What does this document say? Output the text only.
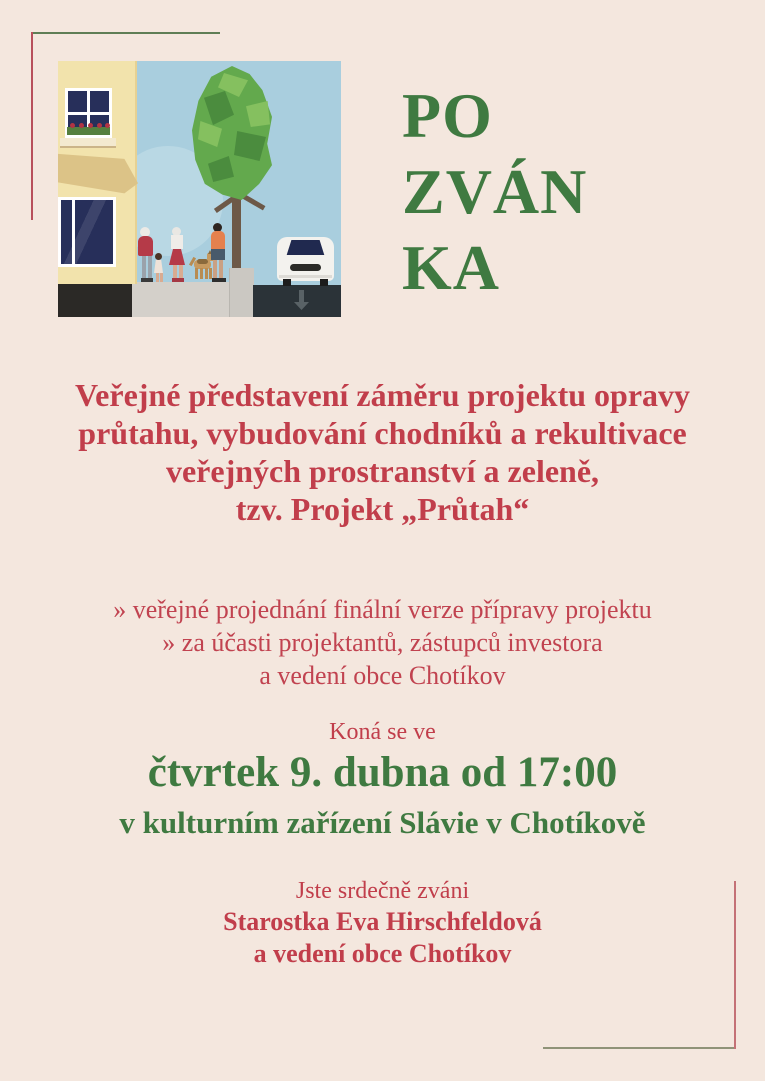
PO
ZVÁN
KA
Veřejné představení záměru projektu opravy
průtahu, vybudování chodníků a rekultivace
veřejných prostranství a zeleně,
tzv. Projekt „Průtah“
» veřejné projednání finální verze přípravy projektu
» za účasti projektantů, zástupců investora
a vedení obce Chotíkov
Koná se ve
čtvrtek 9. dubna od 17:00
v kulturním zařízení Slávie v Chotíkově
Jste srdečně zváni
Starostka Eva Hirschfeldová
a vedení obce Chotíkov
